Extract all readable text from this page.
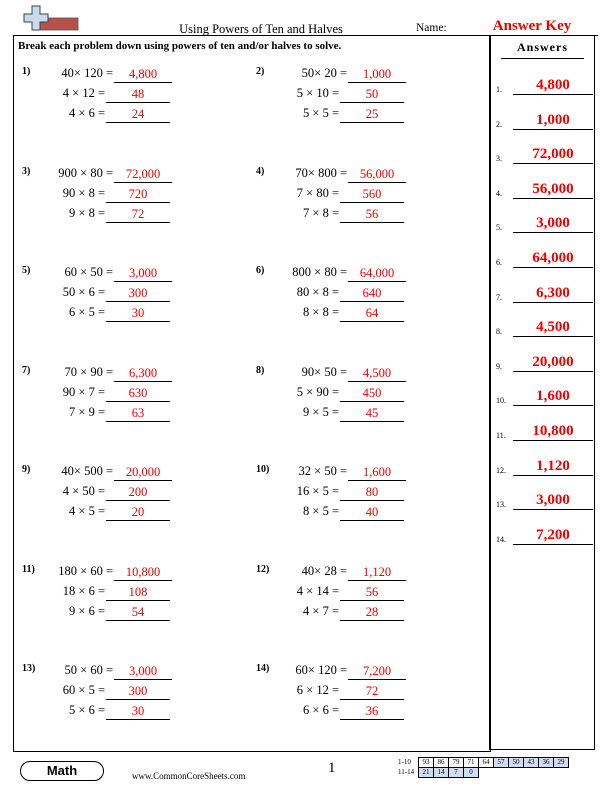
Using Powers of Ten and Halves	Name:	Answer Key
Break each problem down using powers of ten and/or halves to solve.	Answers
1.	4,800
2.	1,000
3.	72,000
4.	56,000
5.	3,000
6.	64,000
7.	6,300
8.	4,500
9.	20,000
10.	1,600
11.	10,800
12.	1,120
13.	3,000
14.	7,200
1) 40× 120 =	4,800
4 × 12 =	48
4 × 6 =	24
2)	50× 20 =	1,000
5 × 10 =	50
5 × 5 =	25
3) 900 × 80 =	72,000
90 × 8 =	720
9 × 8 =	72
4) 70× 800 =	56,000
7 × 80 =	560
7 × 8 =	56
5)	60 × 50 =	3,000
50 × 6 =	300
6 × 5 =	30
6) 800 × 80 =	64,000
80 × 8 =	640
8 × 8 =	64
7)	70 × 90 =	6,300
90 × 7 =	630
7 × 9 =	63
8)	90× 50 =	4,500
5 × 90 =	450
9 × 5 =	45
9) 40× 500 =	20,000
4 × 50 =	200
4 × 5 =	20
10) 32 × 50 =	1,600
16 × 5 =	80
8 × 5 =	40
11) 180 × 60 =	10,800
18 × 6 =	108
9 × 6 =	54
12)	40× 28 =	1,120
4 × 14 =	56
4 × 7 =	28
13) 50 × 60 =	3,000
60 × 5 =	300
5 × 6 =	30
14) 60× 120 =	7,200
6 × 12 =	72
6 × 6 =	36
Math	www.CommonCoreSheets.com	1	1-10	93	86	79	71	64	57	50	43	36	29
11-14	21	14	7	0						
